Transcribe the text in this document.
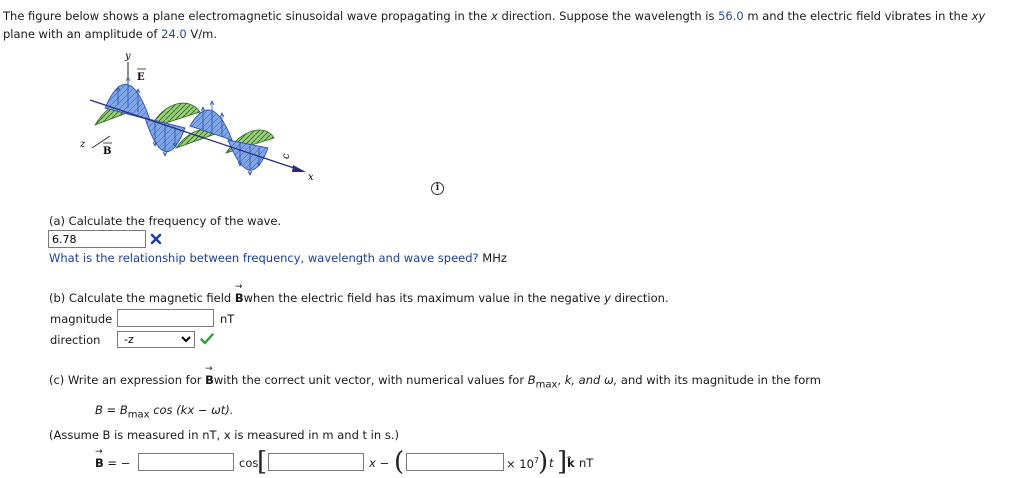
The figure below shows a plane electromagnetic sinusoidal wave propagating in the x direction. Suppose the wavelength is 56.0 m and the electric field vibrates in the xy
plane with an amplitude of 24.0 V/m.
y
E
x
z
B	c
i
(a) Calculate the frequency of the wave.
6.78
What is the relationship between frequency, wavelength and wave speed? MHz
(b) Calculate the magnetic field → Bwhen the electric field has its maximum value in the negative y direction.
magnitude	nT
direction
-z
(c) Write an expression for → Bwith the correct unit vector, with numerical values for $B_{max}$, k, and ω, and with its magnitude in the form
$B = B_{max}$ cos (kx − ωt).
(Assume B is measured in nT, x is measured in m and t in s.)
→ B = −	cos
[	x − (	× $10^7$
) t ] k̂ nT
